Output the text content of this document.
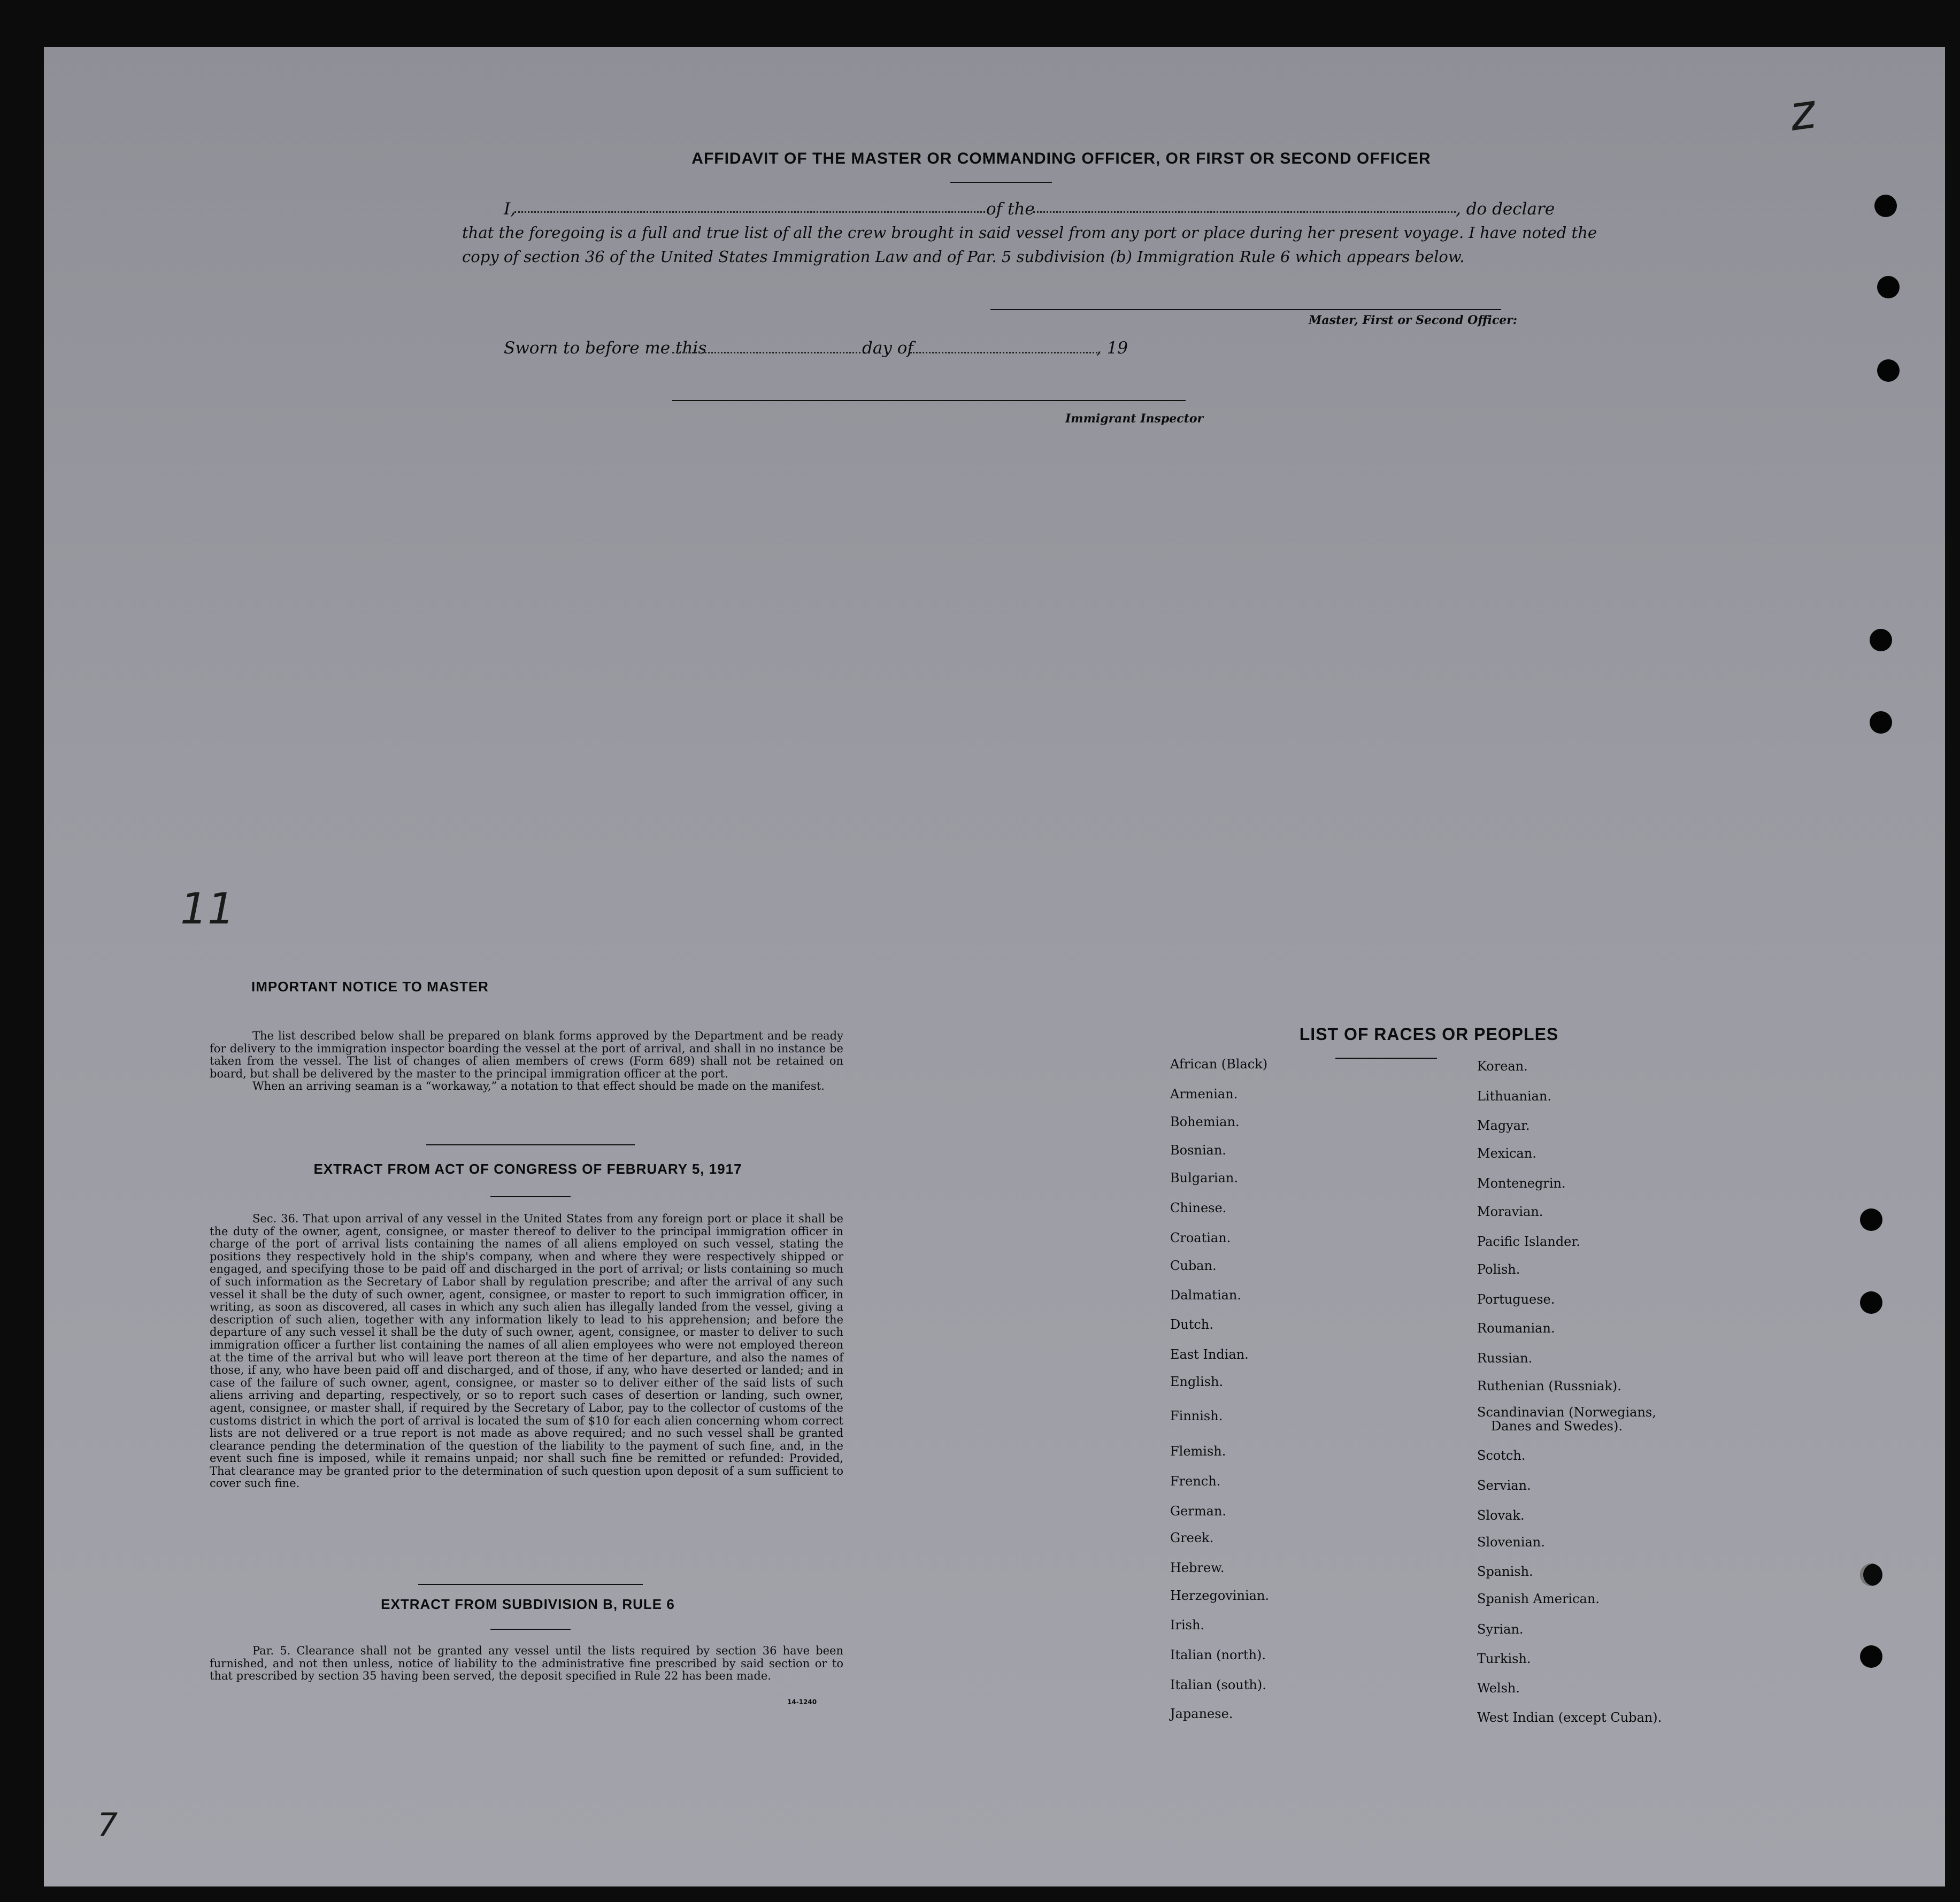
AFFIDAVIT OF THE MASTER OR COMMANDING OFFICER, OR FIRST OR SECOND OFFICER
I,	of the	, do declare
that the foregoing is a full and true list of all the crew brought in said vessel from any port or place during her present voyage. I have noted the
copy of section 36 of the United States Immigration Law and of Par. 5 subdivision (b) Immigration Rule 6 which appears below.
Master, First or Second Officer:
Sworn to before me this	day of	, 19
Immigrant Inspector
IMPORTANT NOTICE TO MASTER

The list described below shall be prepared on blank forms approved by the Department and be ready for delivery to the immigration inspector boarding the vessel at the port of arrival, and shall in no instance be taken from the vessel. The list of changes of alien members of crews (Form 689) shall not be retained on board, but shall be delivered by the master to the principal immigration officer at the port.

When an arriving seaman is a “workaway,” a notation to that effect should be made on the manifest.

EXTRACT FROM ACT OF CONGRESS OF FEBRUARY 5, 1917

Sec. 36. That upon arrival of any vessel in the United States from any foreign port or place it shall be the duty of the owner, agent, consignee, or master thereof to deliver to the principal immigration officer in charge of the port of arrival lists containing the names of all aliens employed on such vessel, stating the positions they respectively hold in the ship's company, when and where they were respectively shipped or engaged, and specifying those to be paid off and discharged in the port of arrival; or lists containing so much of such information as the Secretary of Labor shall by regulation prescribe; and after the arrival of any such vessel it shall be the duty of such owner, agent, consignee, or master to report to such immigration officer, in writing, as soon as discovered, all cases in which any such alien has illegally landed from the vessel, giving a description of such alien, together with any information likely to lead to his apprehension; and before the departure of any such vessel it shall be the duty of such owner, agent, consignee, or master to deliver to such immigration officer a further list containing the names of all alien employees who were not employed thereon at the time of the arrival but who will leave port thereon at the time of her departure, and also the names of those, if any, who have been paid off and discharged, and of those, if any, who have deserted or landed; and in case of the failure of such owner, agent, consignee, or master so to deliver either of the said lists of such aliens arriving and departing, respectively, or so to report such cases of desertion or landing, such owner, agent, consignee, or master shall, if required by the Secretary of Labor, pay to the collector of customs of the customs district in which the port of arrival is located the sum of $10 for each alien concerning whom correct lists are not delivered or a true report is not made as above required; and no such vessel shall be granted clearance pending the determination of the question of the liability to the payment of such fine, and, in the event such fine is imposed, while it remains unpaid; nor shall such fine be remitted or refunded: Provided, That clearance may be granted prior to the determination of such question upon deposit of a sum sufficient to cover such fine.

EXTRACT FROM SUBDIVISION B, RULE 6

Par. 5. Clearance shall not be granted any vessel until the lists required by section 36 have been furnished, and not then unless, notice of liability to the administrative fine prescribed by said section or to that prescribed by section 35 having been served, the deposit specified in Rule 22 has been made.

14-1240
LIST OF RACES OR PEOPLES
African (Black)
Armenian.
Bohemian.
Bosnian.
Bulgarian.
Chinese.
Croatian.
Cuban.
Dalmatian.
Dutch.
East Indian.
English.
Finnish.
Flemish.
French.
German.
Greek.
Hebrew.
Herzegovinian.
Irish.
Italian (north).
Italian (south).
Japanese.
Korean.
Lithuanian.
Magyar.
Mexican.
Montenegrin.
Moravian.
Pacific Islander.
Polish.
Portuguese.
Roumanian.
Russian.
Ruthenian (Russniak).
Scandinavian (Norwegians,
Danes and Swedes).
Scotch.
Servian.
Slovak.
Slovenian.
Spanish.
Spanish American.
Syrian.
Turkish.
Welsh.
West Indian (except Cuban).
z
11
7
